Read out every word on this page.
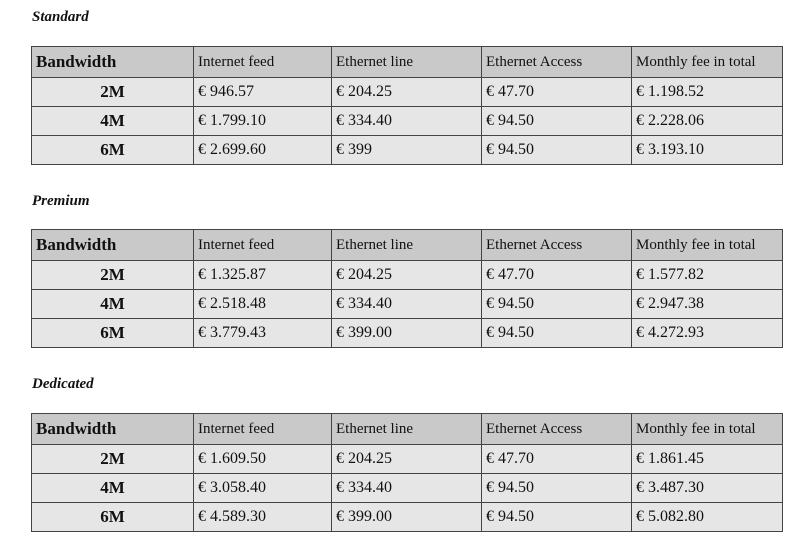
Standard
Bandwidth	Internet feed	Ethernet line	Ethernet Access	Monthly fee in total
2M	€ 946.57	€ 204.25	€ 47.70	€ 1.198.52
4M	€ 1.799.10	€ 334.40	€ 94.50	€ 2.228.06
6M	€ 2.699.60	€ 399	€ 94.50	€ 3.193.10
Premium
Bandwidth	Internet feed	Ethernet line	Ethernet Access	Monthly fee in total
2M	€ 1.325.87	€ 204.25	€ 47.70	€ 1.577.82
4M	€ 2.518.48	€ 334.40	€ 94.50	€ 2.947.38
6M	€ 3.779.43	€ 399.00	€ 94.50	€ 4.272.93
Dedicated
Bandwidth	Internet feed	Ethernet line	Ethernet Access	Monthly fee in total
2M	€ 1.609.50	€ 204.25	€ 47.70	€ 1.861.45
4M	€ 3.058.40	€ 334.40	€ 94.50	€ 3.487.30
6M	€ 4.589.30	€ 399.00	€ 94.50	€ 5.082.80
